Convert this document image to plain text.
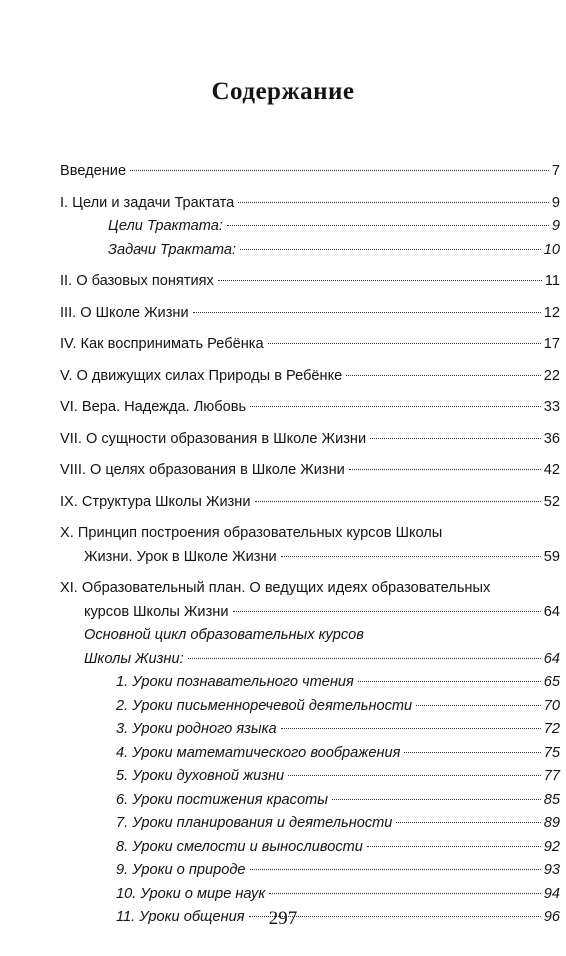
Содержание
Введение	7
I. Цели и задачи Трактата	9
Цели Трактата:	9
Задачи Трактата:	10
II. О базовых понятиях	11
III. О Школе Жизни	12
IV. Как воспринимать Ребёнка	17
V. О движущих силах Природы в Ребёнке	22
VI. Вера. Надежда. Любовь	33
VII. О сущности образования в Школе Жизни	36
VIII. О целях образования в Школе Жизни	42
IX. Структура Школы Жизни	52
X. Принцип построения образовательных курсов Школы
Жизни. Урок в Школе Жизни	59
XI. Образовательный план. О ведущих идеях образовательных
курсов Школы Жизни	64
Основной цикл образовательных курсов
Школы Жизни:	64
1. Уроки познавательного чтения	65
2. Уроки письменноречевой деятельности	70
3. Уроки родного языка	72
4. Уроки математического воображения	75
5. Уроки духовной жизни	77
6. Уроки постижения красоты	85
7. Уроки планирования и деятельности	89
8. Уроки смелости и выносливости	92
9. Уроки о природе	93
10. Уроки о мире наук	94
11. Уроки общения	96
297
